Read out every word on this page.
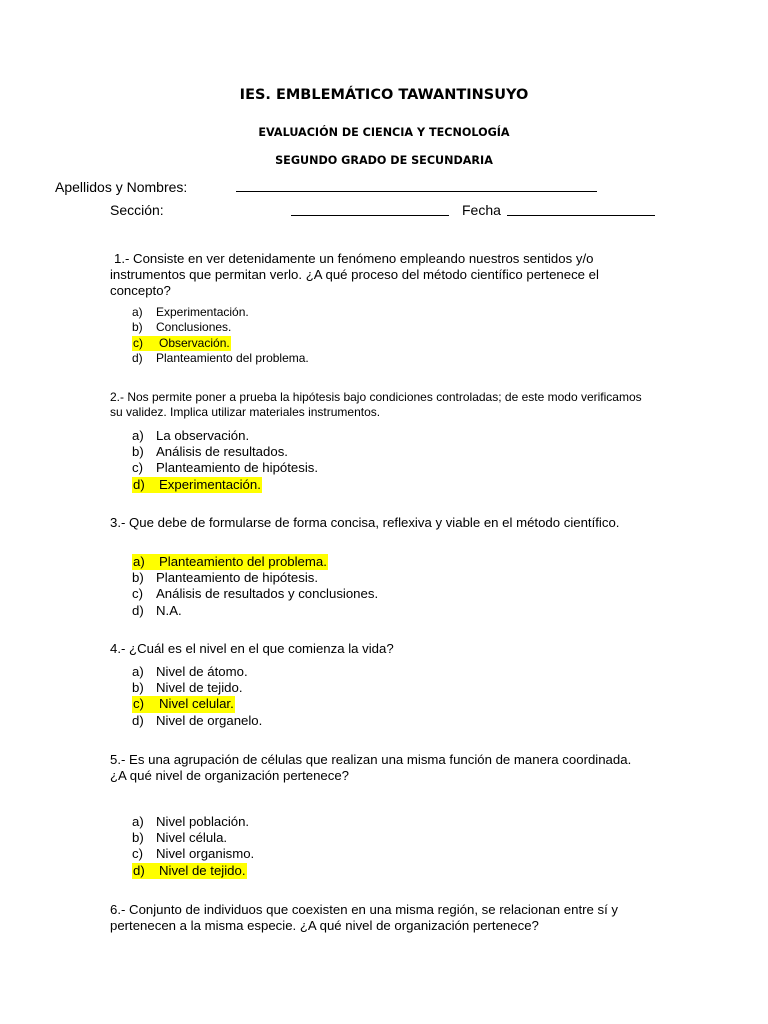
IES. EMBLEMÁTICO TAWANTINSUYO
EVALUACIÓN DE CIENCIA Y TECNOLOGÍA
SEGUNDO GRADO DE SECUNDARIA
Apellidos y Nombres:
Sección:	Fecha
1.- Consiste en ver detenidamente un fenómeno empleando nuestros sentidos y/o instrumentos que permitan verlo. ¿A qué proceso del método científico pertenece el concepto?
a)	Experimentación.
b)	Conclusiones.
c)	Observación.
d)	Planteamiento del problema.
2.- Nos permite poner a prueba la hipótesis bajo condiciones controladas; de este modo verificamos su validez. Implica utilizar materiales instrumentos.
a) La observación.
b) Análisis de resultados.
c) Planteamiento de hipótesis.
d)	Experimentación.
3.- Que debe de formularse de forma concisa, reflexiva y viable en el método científico.
a)	Planteamiento del problema.
b) Planteamiento de hipótesis.
c) Análisis de resultados y conclusiones.
d) N.A.
4.- ¿Cuál es el nivel en el que comienza la vida?
a) Nivel de átomo.
b) Nivel de tejido.
c)	Nivel celular.
d) Nivel de organelo.
5.- Es una agrupación de células que realizan una misma función de manera coordinada. ¿A qué nivel de organización pertenece?
a) Nivel población.
b) Nivel célula.
c) Nivel organismo.
d)	Nivel de tejido.
6.- Conjunto de individuos que coexisten en una misma región, se relacionan entre sí y pertenecen a la misma especie. ¿A qué nivel de organización pertenece?
